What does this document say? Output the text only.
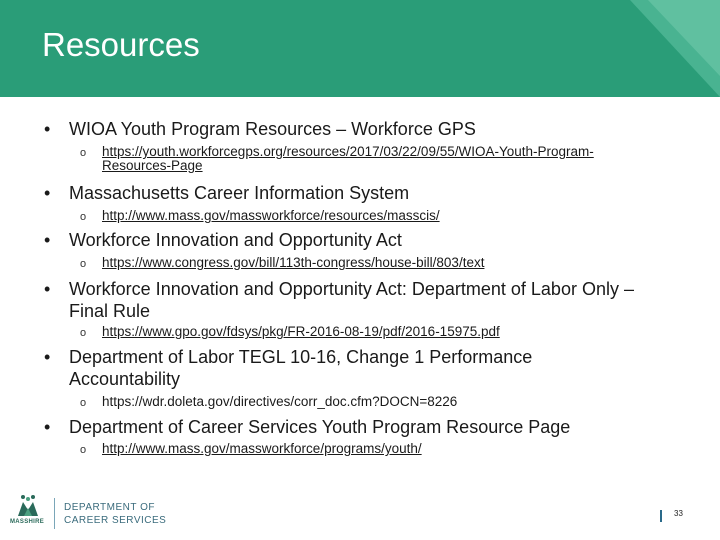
Resources
• WIOA Youth Program Resources – Workforce GPS
o https://youth.workforcegps.org/resources/2017/03/22/09/55/WIOA-Youth-Program-Resources-Page
• Massachusetts Career Information System
o http://www.mass.gov/massworkforce/resources/masscis/
• Workforce Innovation and Opportunity Act
o https://www.congress.gov/bill/113th-congress/house-bill/803/text
• Workforce Innovation and Opportunity Act: Department of Labor Only – Final Rule
o https://www.gpo.gov/fdsys/pkg/FR-2016-08-19/pdf/2016-15975.pdf
• Department of Labor TEGL 10-16, Change 1 Performance Accountability
o https://wdr.doleta.gov/directives/corr_doc.cfm?DOCN=8226
• Department of Career Services Youth Program Resource Page
o http://www.mass.gov/massworkforce/programs/youth/
MASSHIRE
DEPARTMENT OF
CAREER SERVICES
33
